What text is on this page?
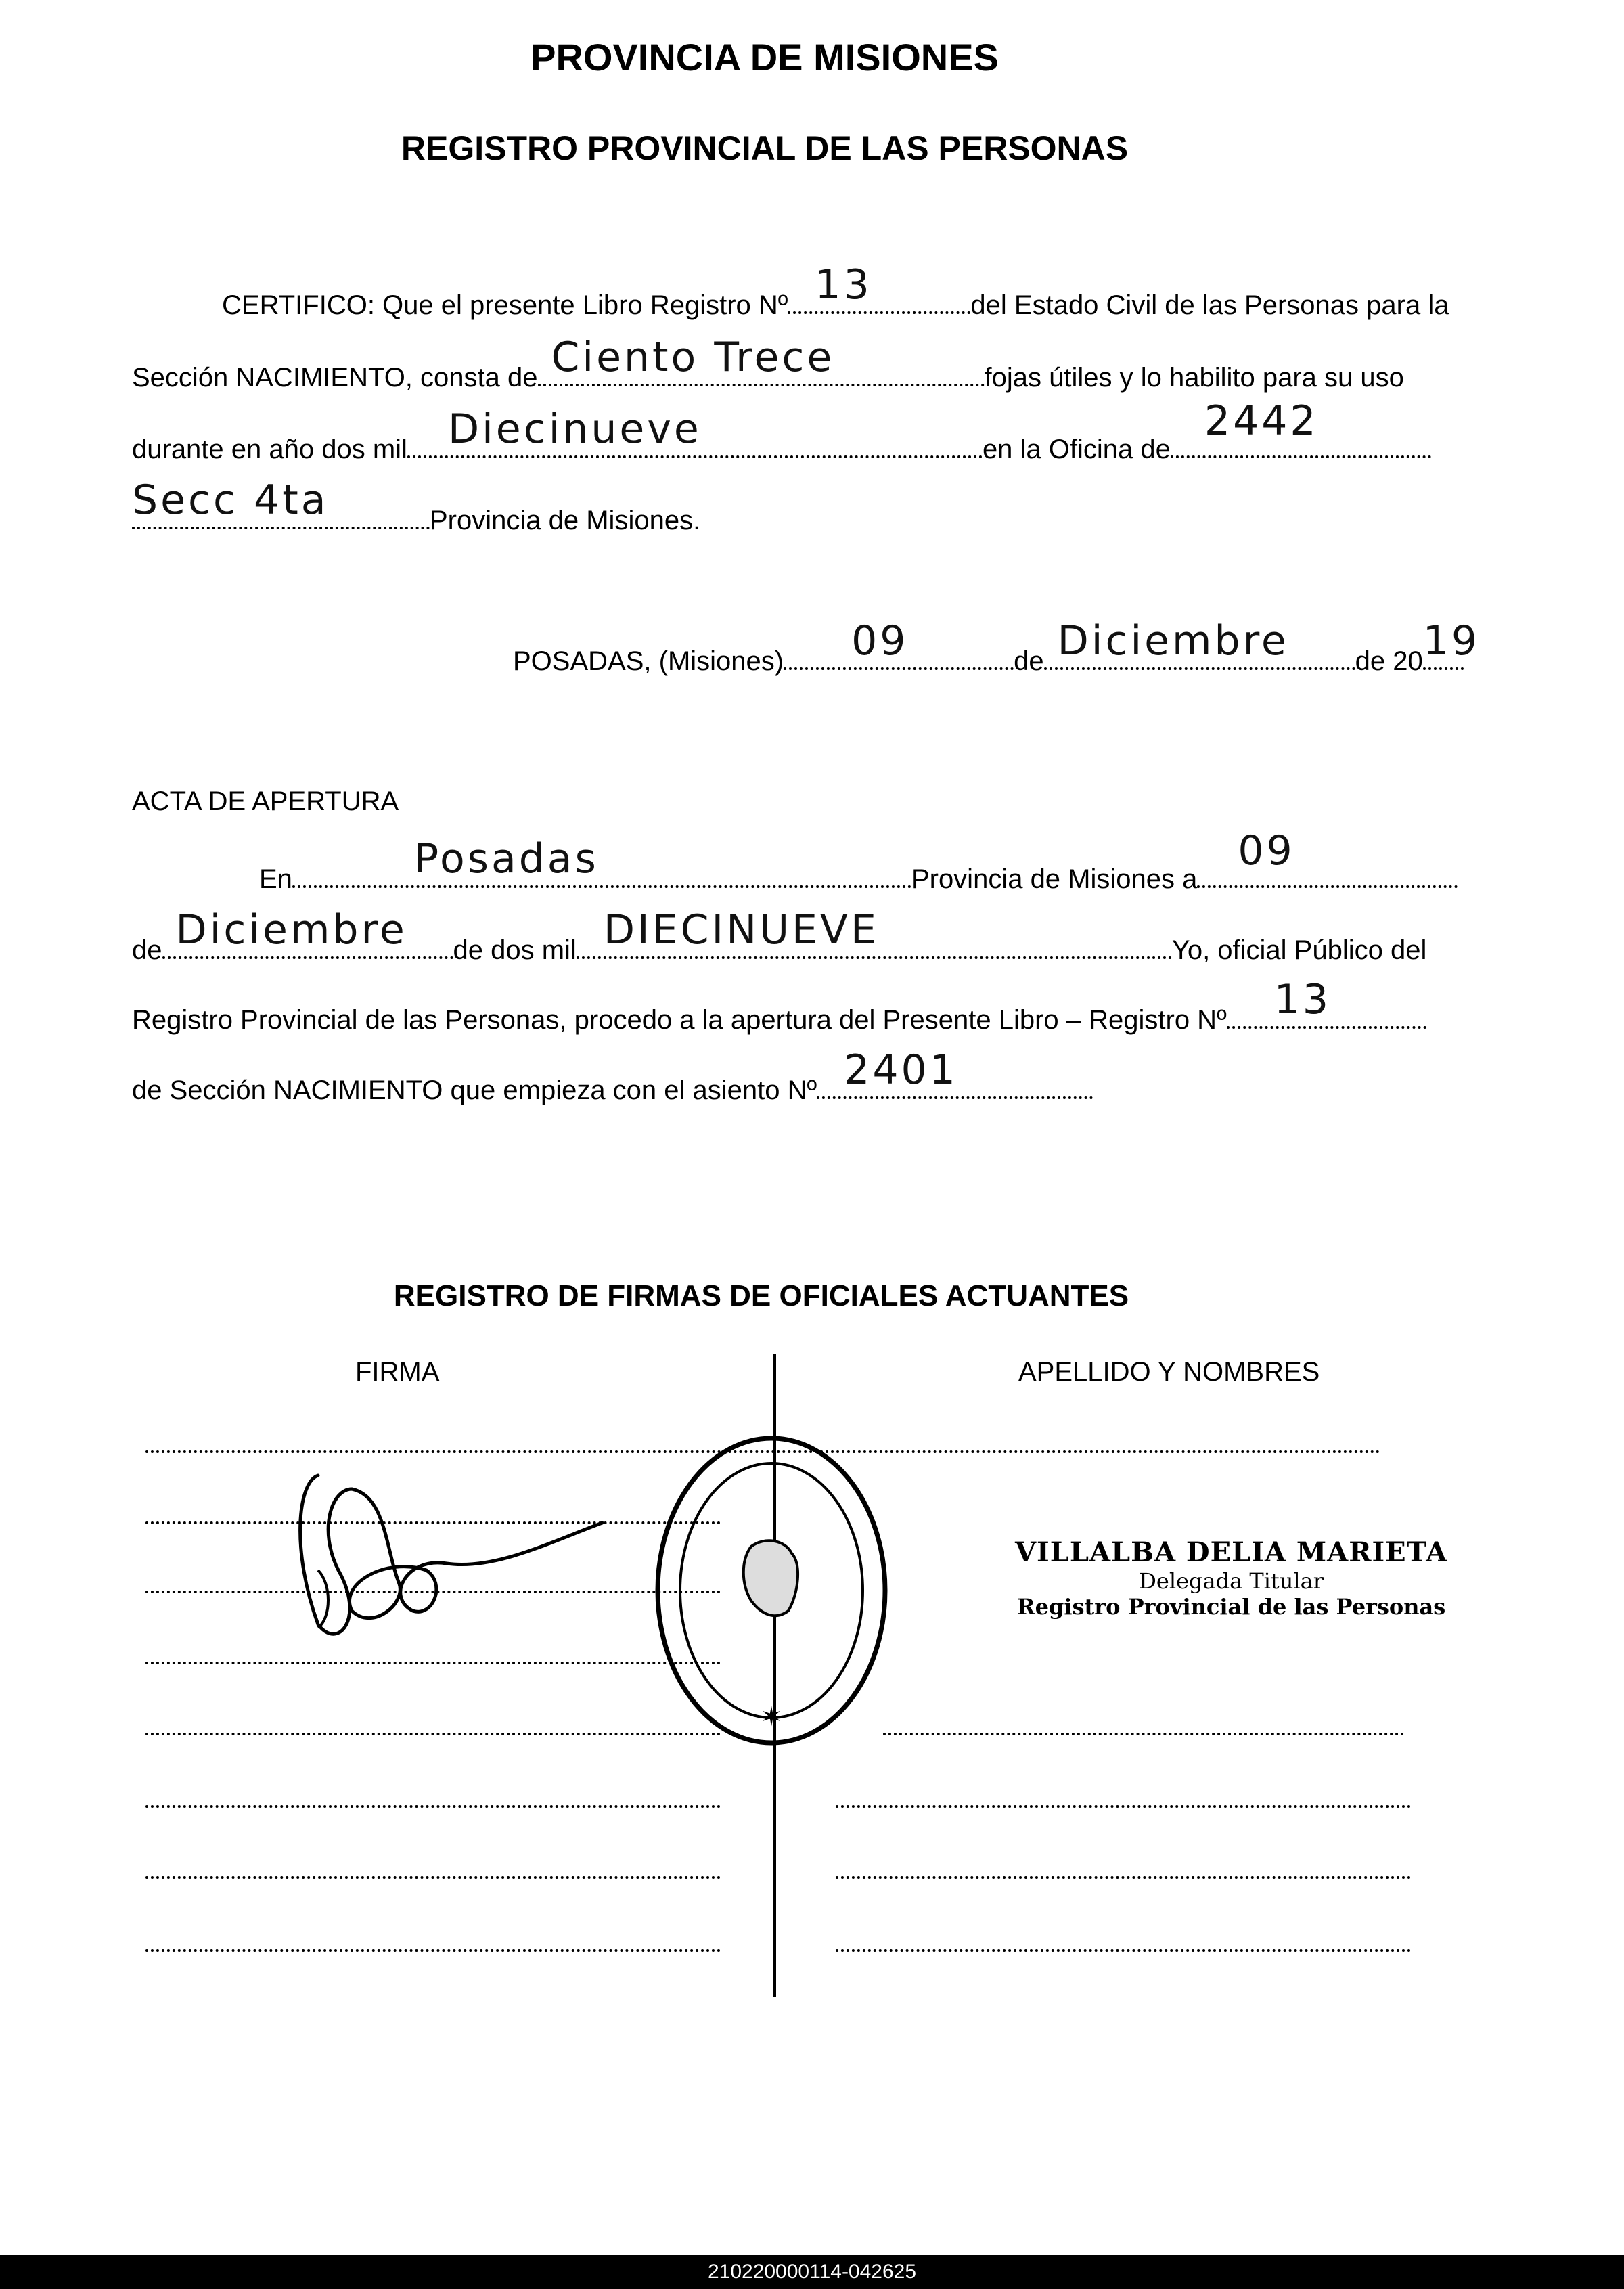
PROVINCIA DE MISIONES
REGISTRO PROVINCIAL DE LAS PERSONAS
CERTIFICO: Que el presente Libro Registro Nº 13	del Estado Civil de las Personas para la
Sección NACIMIENTO, consta de Ciento Trece	fojas útiles y lo habilito para su uso
durante en año dos mil Diecinueve	en la Oficina de
2442
Secc 4ta	Provincia de Misiones.
POSADAS, (Misiones) 09	de Diciembre de 20 19
ACTA DE APERTURA
En	Posadas	Provincia de Misiones a
09
de Diciembre de dos mil DIECINUEVE	Yo, oficial Público del
Registro Provincial de las Personas, procedo a la apertura del Presente Libro – Registro Nº 13
de Sección NACIMIENTO que empieza con el asiento Nº 2401
REGISTRO DE FIRMAS DE OFICIALES ACTUANTES
FIRMA	APELLIDO Y NOMBRES
✶
VILLALBA DELIA MARIETA
Delegada Titular
Registro Provincial de las Personas
210220000114-042625
